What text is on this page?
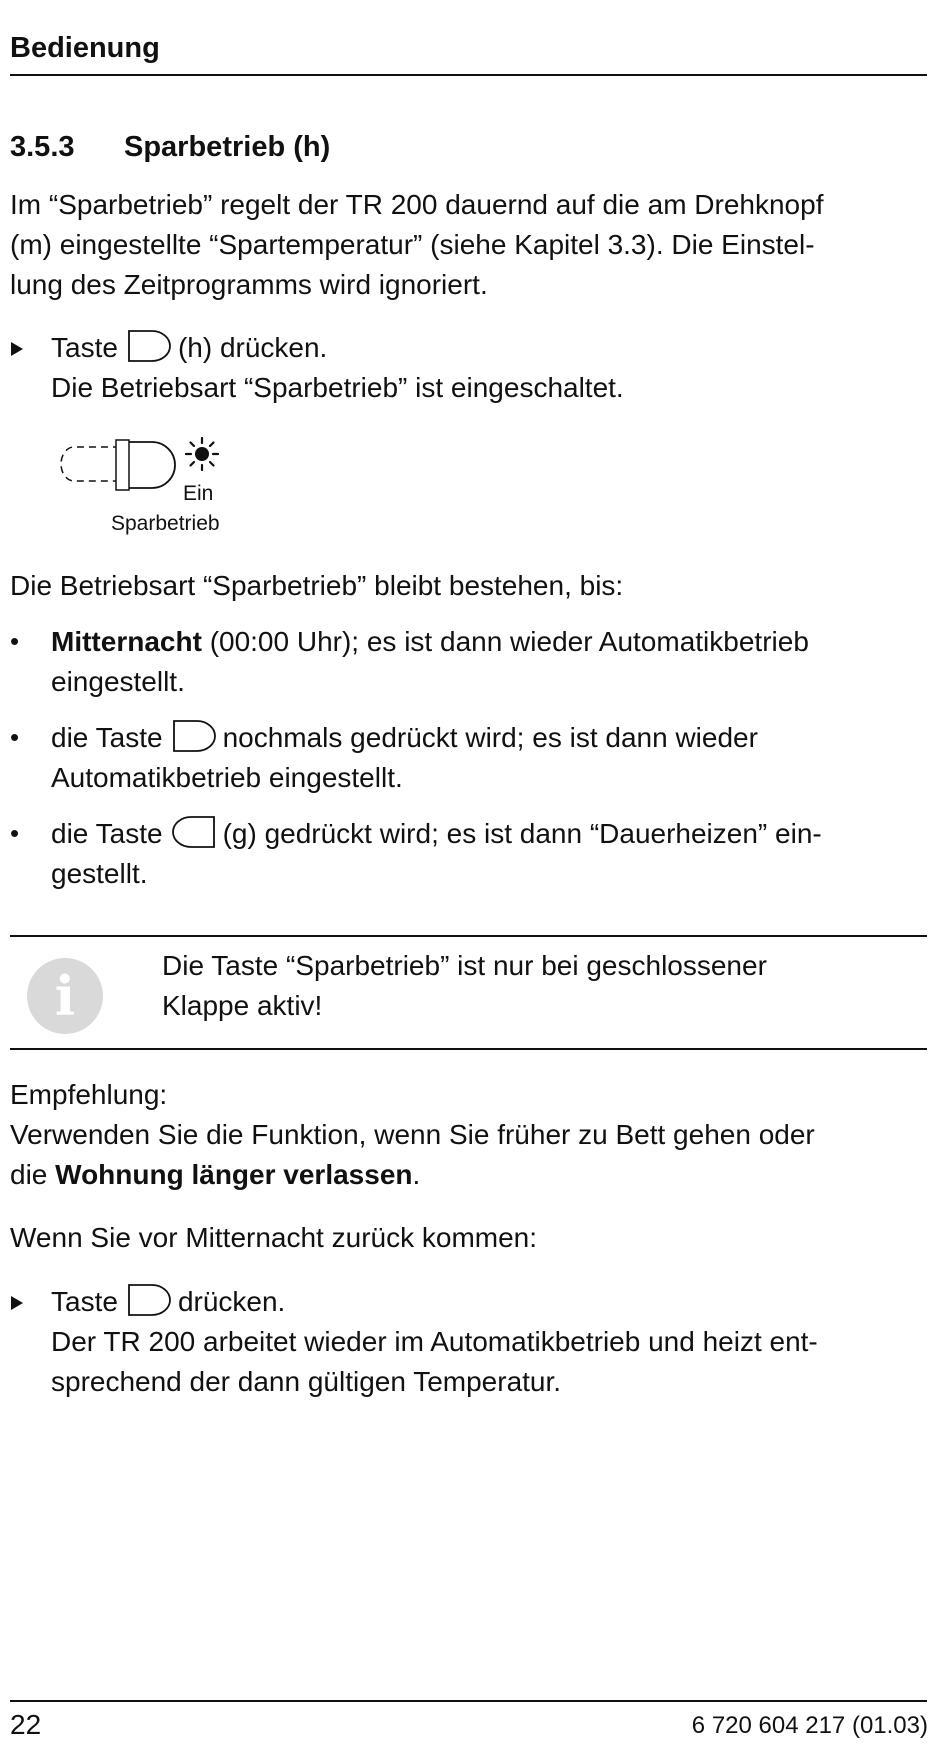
Bedienung
3.5.3 Sparbetrieb (h)
Im “Sparbetrieb” regelt der TR 200 dauernd auf die am Drehknopf
(m) eingestellte “Spartemperatur” (siehe Kapitel 3.3). Die Einstel-
lung des Zeitprogramms wird ignoriert.
Taste (h) drücken.
Die Betriebsart “Sparbetrieb” ist eingeschaltet.
Ein
Sparbetrieb
Die Betriebsart “Sparbetrieb” bleibt bestehen, bis:
• Mitternacht (00:00 Uhr); es ist dann wieder Automatikbetrieb
eingestellt.
• die Taste nochmals gedrückt wird; es ist dann wieder
Automatikbetrieb eingestellt.
• die Taste (g) gedrückt wird; es ist dann “Dauerheizen” ein-
gestellt.
i	Die Taste “Sparbetrieb” ist nur bei geschlossener
Klappe aktiv!
Empfehlung:
Verwenden Sie die Funktion, wenn Sie früher zu Bett gehen oder
die Wohnung länger verlassen.
Wenn Sie vor Mitternacht zurück kommen:
Taste drücken.
Der TR 200 arbeitet wieder im Automatikbetrieb und heizt ent-
sprechend der dann gültigen Temperatur.
22	6 720 604 217 (01.03)
